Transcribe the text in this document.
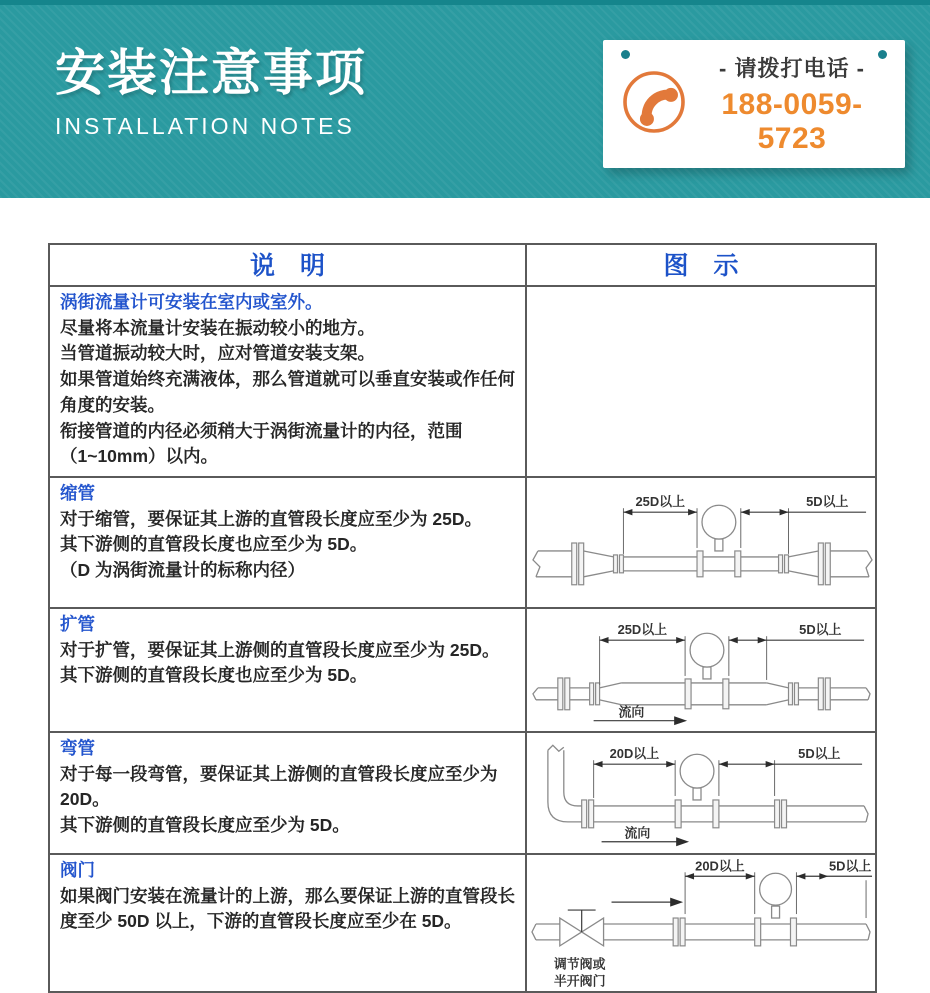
安装注意事项
INSTALLATION NOTES
- 请拨打电话 -
188-0059-5723
说　明	图　示

涡街流量计可安装在室内或室外。
尽量将本流量计安装在振动较小的地方。
当管道振动较大时，应对管道安装支架。
如果管道始终充满液体，那么管道就可以垂直安装或作任何角度的安装。
衔接管道的内径必须稍大于涡街流量计的内径，范围（1~10mm）以内。	

缩管
对于缩管，要保证其上游的直管段长度应至少为 25D。
其下游侧的直管段长度也应至少为 5D。
（D 为涡街流量计的标称内径）

25D以上	5D以上

扩管
对于扩管，要保证其上游侧的直管段长度应至少为 25D。
其下游侧的直管段长度也应至少为 5D。

25D以上	5D以上
流向

弯管
对于每一段弯管，要保证其上游侧的直管段长度应至少为 20D。
其下游侧的直管段长度应至少为 5D。

20D以上	5D以上
流向

阀门
如果阀门安装在流量计的上游，那么要保证上游的直管段长度至少 50D 以上，下游的直管段长度应至少在 5D。

20D以上	5D以上
调节阀或
半开阀门
